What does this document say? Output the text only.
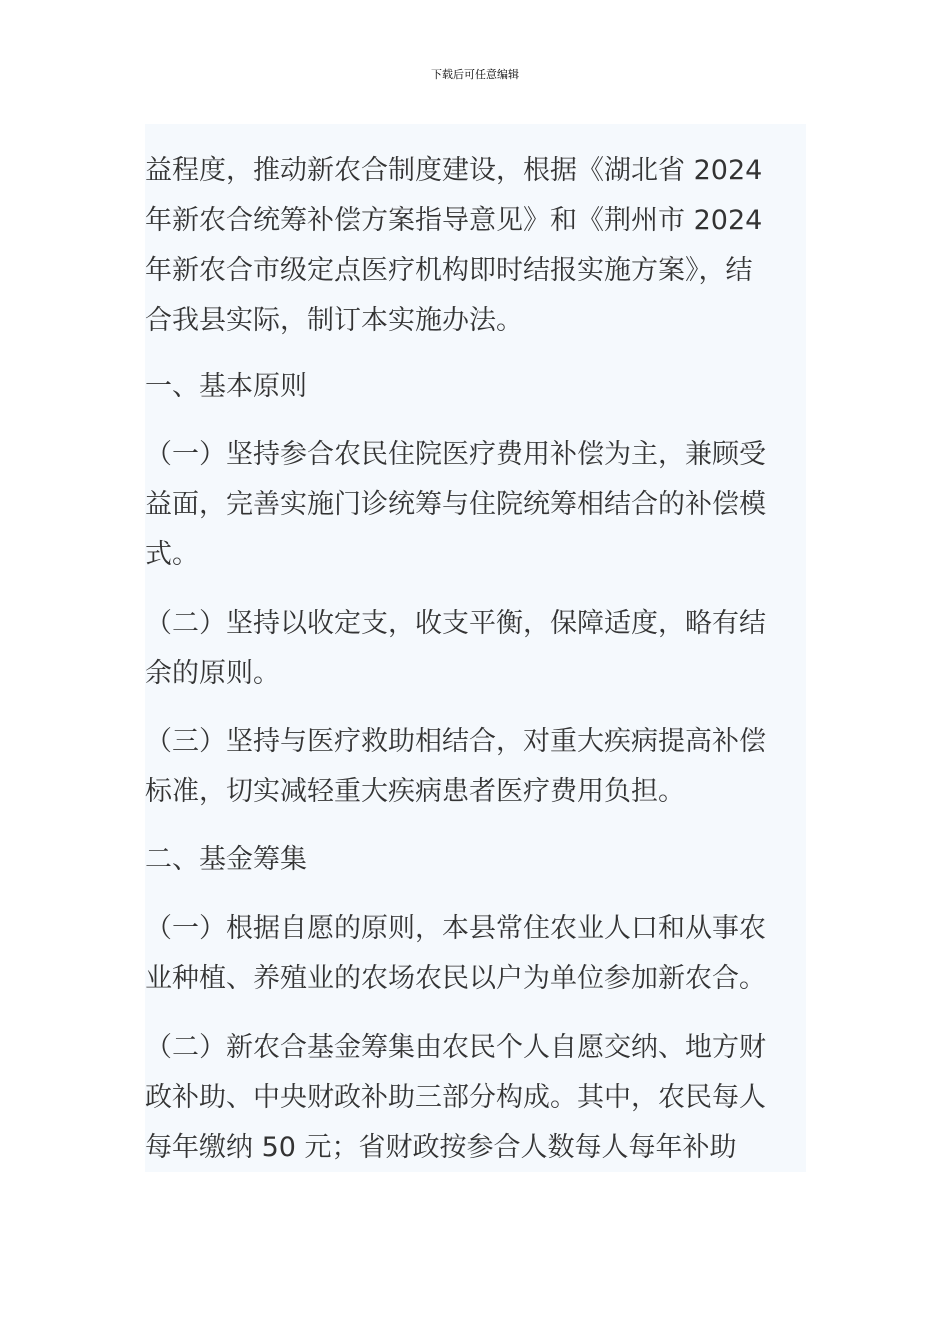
下载后可任意编辑

益程度，推动新农合制度建设，根据《湖北省 2024
年新农合统筹补偿方案指导意见》和《荆州市 2024
年新农合市级定点医疗机构即时结报实施方案》，结
合我县实际，制订本实施办法。

一、基本原则

（一）坚持参合农民住院医疗费用补偿为主，兼顾受
益面，完善实施门诊统筹与住院统筹相结合的补偿模
式。

（二）坚持以收定支，收支平衡，保障适度，略有结
余的原则。

（三）坚持与医疗救助相结合，对重大疾病提高补偿
标准，切实减轻重大疾病患者医疗费用负担。

二、基金筹集

（一）根据自愿的原则，本县常住农业人口和从事农
业种植、养殖业的农场农民以户为单位参加新农合。

（二）新农合基金筹集由农民个人自愿交纳、地方财
政补助、中央财政补助三部分构成。其中，农民每人
每年缴纳 50 元；省财政按参合人数每人每年补助
